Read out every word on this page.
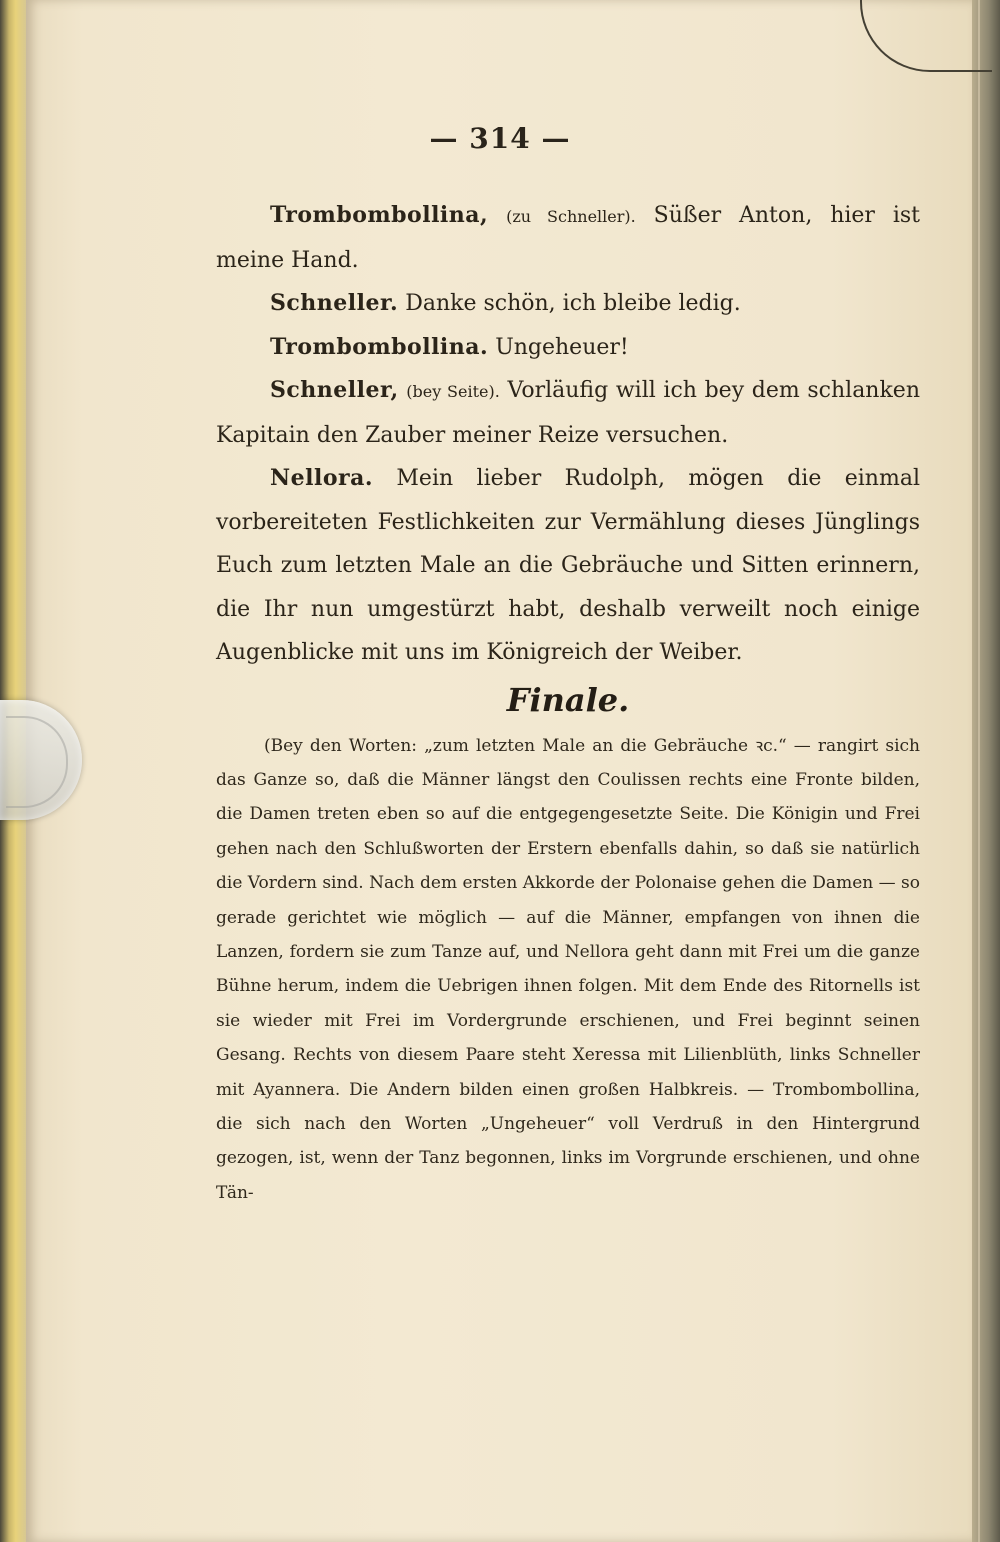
— 314 —

Trombombollina, (zu Schneller). Süßer Anton, hier ist meine Hand.

Schneller. Danke schön, ich bleibe ledig.

Trombombollina. Ungeheuer!

Schneller, (bey Seite). Vorläufig will ich bey dem schlanken Kapitain den Zauber meiner Reize versuchen.

Nellora. Mein lieber Rudolph, mögen die einmal vorbereiteten Festlichkeiten zur Vermählung dieses Jünglings Euch zum letzten Male an die Gebräuche und Sitten erinnern, die Ihr nun umgestürzt habt, deshalb verweilt noch einige Augenblicke mit uns im Königreich der Weiber.

Finale.

(Bey den Worten: „zum letzten Male an die Gebräuche ꝛc.“ — rangirt sich das Ganze so, daß die Männer längst den Coulissen rechts eine Fronte bilden, die Damen treten eben so auf die entgegengesetzte Seite. Die Königin und Frei gehen nach den Schlußworten der Erstern ebenfalls dahin, so daß sie natürlich die Vordern sind. Nach dem ersten Akkorde der Polonaise gehen die Damen — so gerade gerichtet wie möglich — auf die Männer, empfangen von ihnen die Lanzen, fordern sie zum Tanze auf, und Nellora geht dann mit Frei um die ganze Bühne herum, indem die Uebrigen ihnen folgen. Mit dem Ende des Ritornells ist sie wieder mit Frei im Vordergrunde erschienen, und Frei beginnt seinen Gesang. Rechts von diesem Paare steht Xeressa mit Lilienblüth, links Schneller mit Ayannera. Die Andern bilden einen großen Halbkreis. — Trombombollina, die sich nach den Worten „Ungeheuer“ voll Verdruß in den Hintergrund gezogen, ist, wenn der Tanz begonnen, links im Vorgrunde erschienen, und ohne Tän-
